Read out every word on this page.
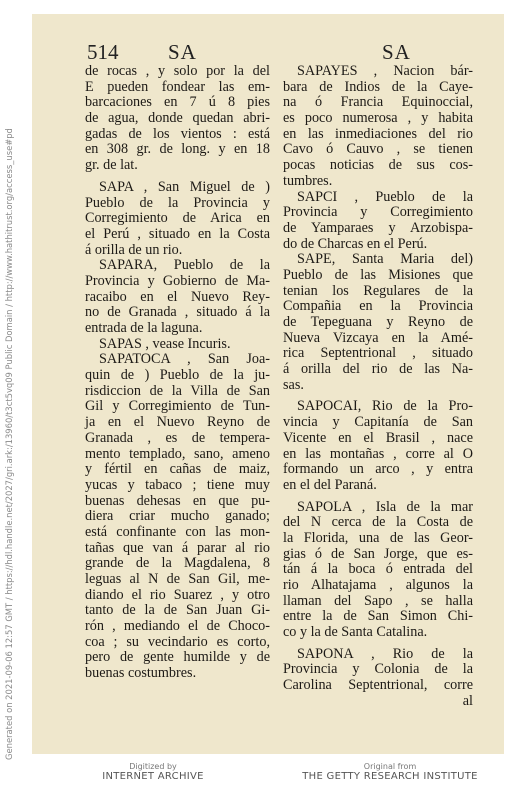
514 SA	SA
de rocas , y solo por la del
E pueden fondear las em-
barcaciones en 7 ú 8 pies
de agua, donde quedan abri-
gadas de los vientos : está
en 308 gr. de long. y en 18
gr. de lat.
SAPA , San Miguel de )
Pueblo de la Provincia y
Corregimiento de Arica en
el Perú , situado en la Costa
á orilla de un rio.
SAPARA, Pueblo de la
Provincia y Gobierno de Ma-
racaibo en el Nuevo Rey-
no de Granada , situado á la
entrada de la laguna.
SAPAS , vease Incuris.
SAPATOCA , San Joa-
quin de ) Pueblo de la ju-
risdiccion de la Villa de San
Gil y Corregimiento de Tun-
ja en el Nuevo Reyno de
Granada , es de tempera-
mento templado, sano, ameno
y fértil en cañas de maiz,
yucas y tabaco ; tiene muy
buenas dehesas en que pu-
diera criar mucho ganado;
está confinante con las mon-
tañas que van á parar al rio
grande de la Magdalena, 8
leguas al N de San Gil, me-
diando el rio Suarez , y otro
tanto de la de San Juan Gi-
rón , mediando el de Choco-
coa ; su vecindario es corto,
pero de gente humilde y de
buenas costumbres.
SAPAYES , Nacion bár-
bara de Indios de la Caye-
na ó Francia Equinoccial,
es poco numerosa , y habita
en las inmediaciones del rio
Cavo ó Cauvo , se tienen
pocas noticias de sus cos-
tumbres.
SAPCI , Pueblo de la
Provincia y Corregimiento
de Yamparaes y Arzobispa-
do de Charcas en el Perú.
SAPE, Santa Maria del)
Pueblo de las Misiones que
tenian los Regulares de la
Compañia en la Provincia
de Tepeguana y Reyno de
Nueva Vizcaya en la Amé-
rica Septentrional , situado
á orilla del rio de las Na-
sas.
SAPOCAI, Rio de la Pro-
vincia y Capitanía de San
Vicente en el Brasil , nace
en las montañas , corre al O
formando un arco , y entra
en el del Paraná.
SAPOLA , Isla de la mar
del N cerca de la Costa de
la Florida, una de las Geor-
gias ó de San Jorge, que es-
tán á la boca ó entrada del
rio Alhatajama , algunos la
llaman del Sapo , se halla
entre la de San Simon Chi-
co y la de Santa Catalina.
SAPONA , Rio de la
Provincia y Colonia de la
Carolina Septentrional, corre
al
Generated on 2021-09-06 12:57 GMT / https://hdl.handle.net/2027/gri.ark:/13960/t3ct5vq09 Public Domain / http://www.hathitrust.org/access_use#pd
Digitized by
INTERNET ARCHIVE
Original from
THE GETTY RESEARCH INSTITUTE
